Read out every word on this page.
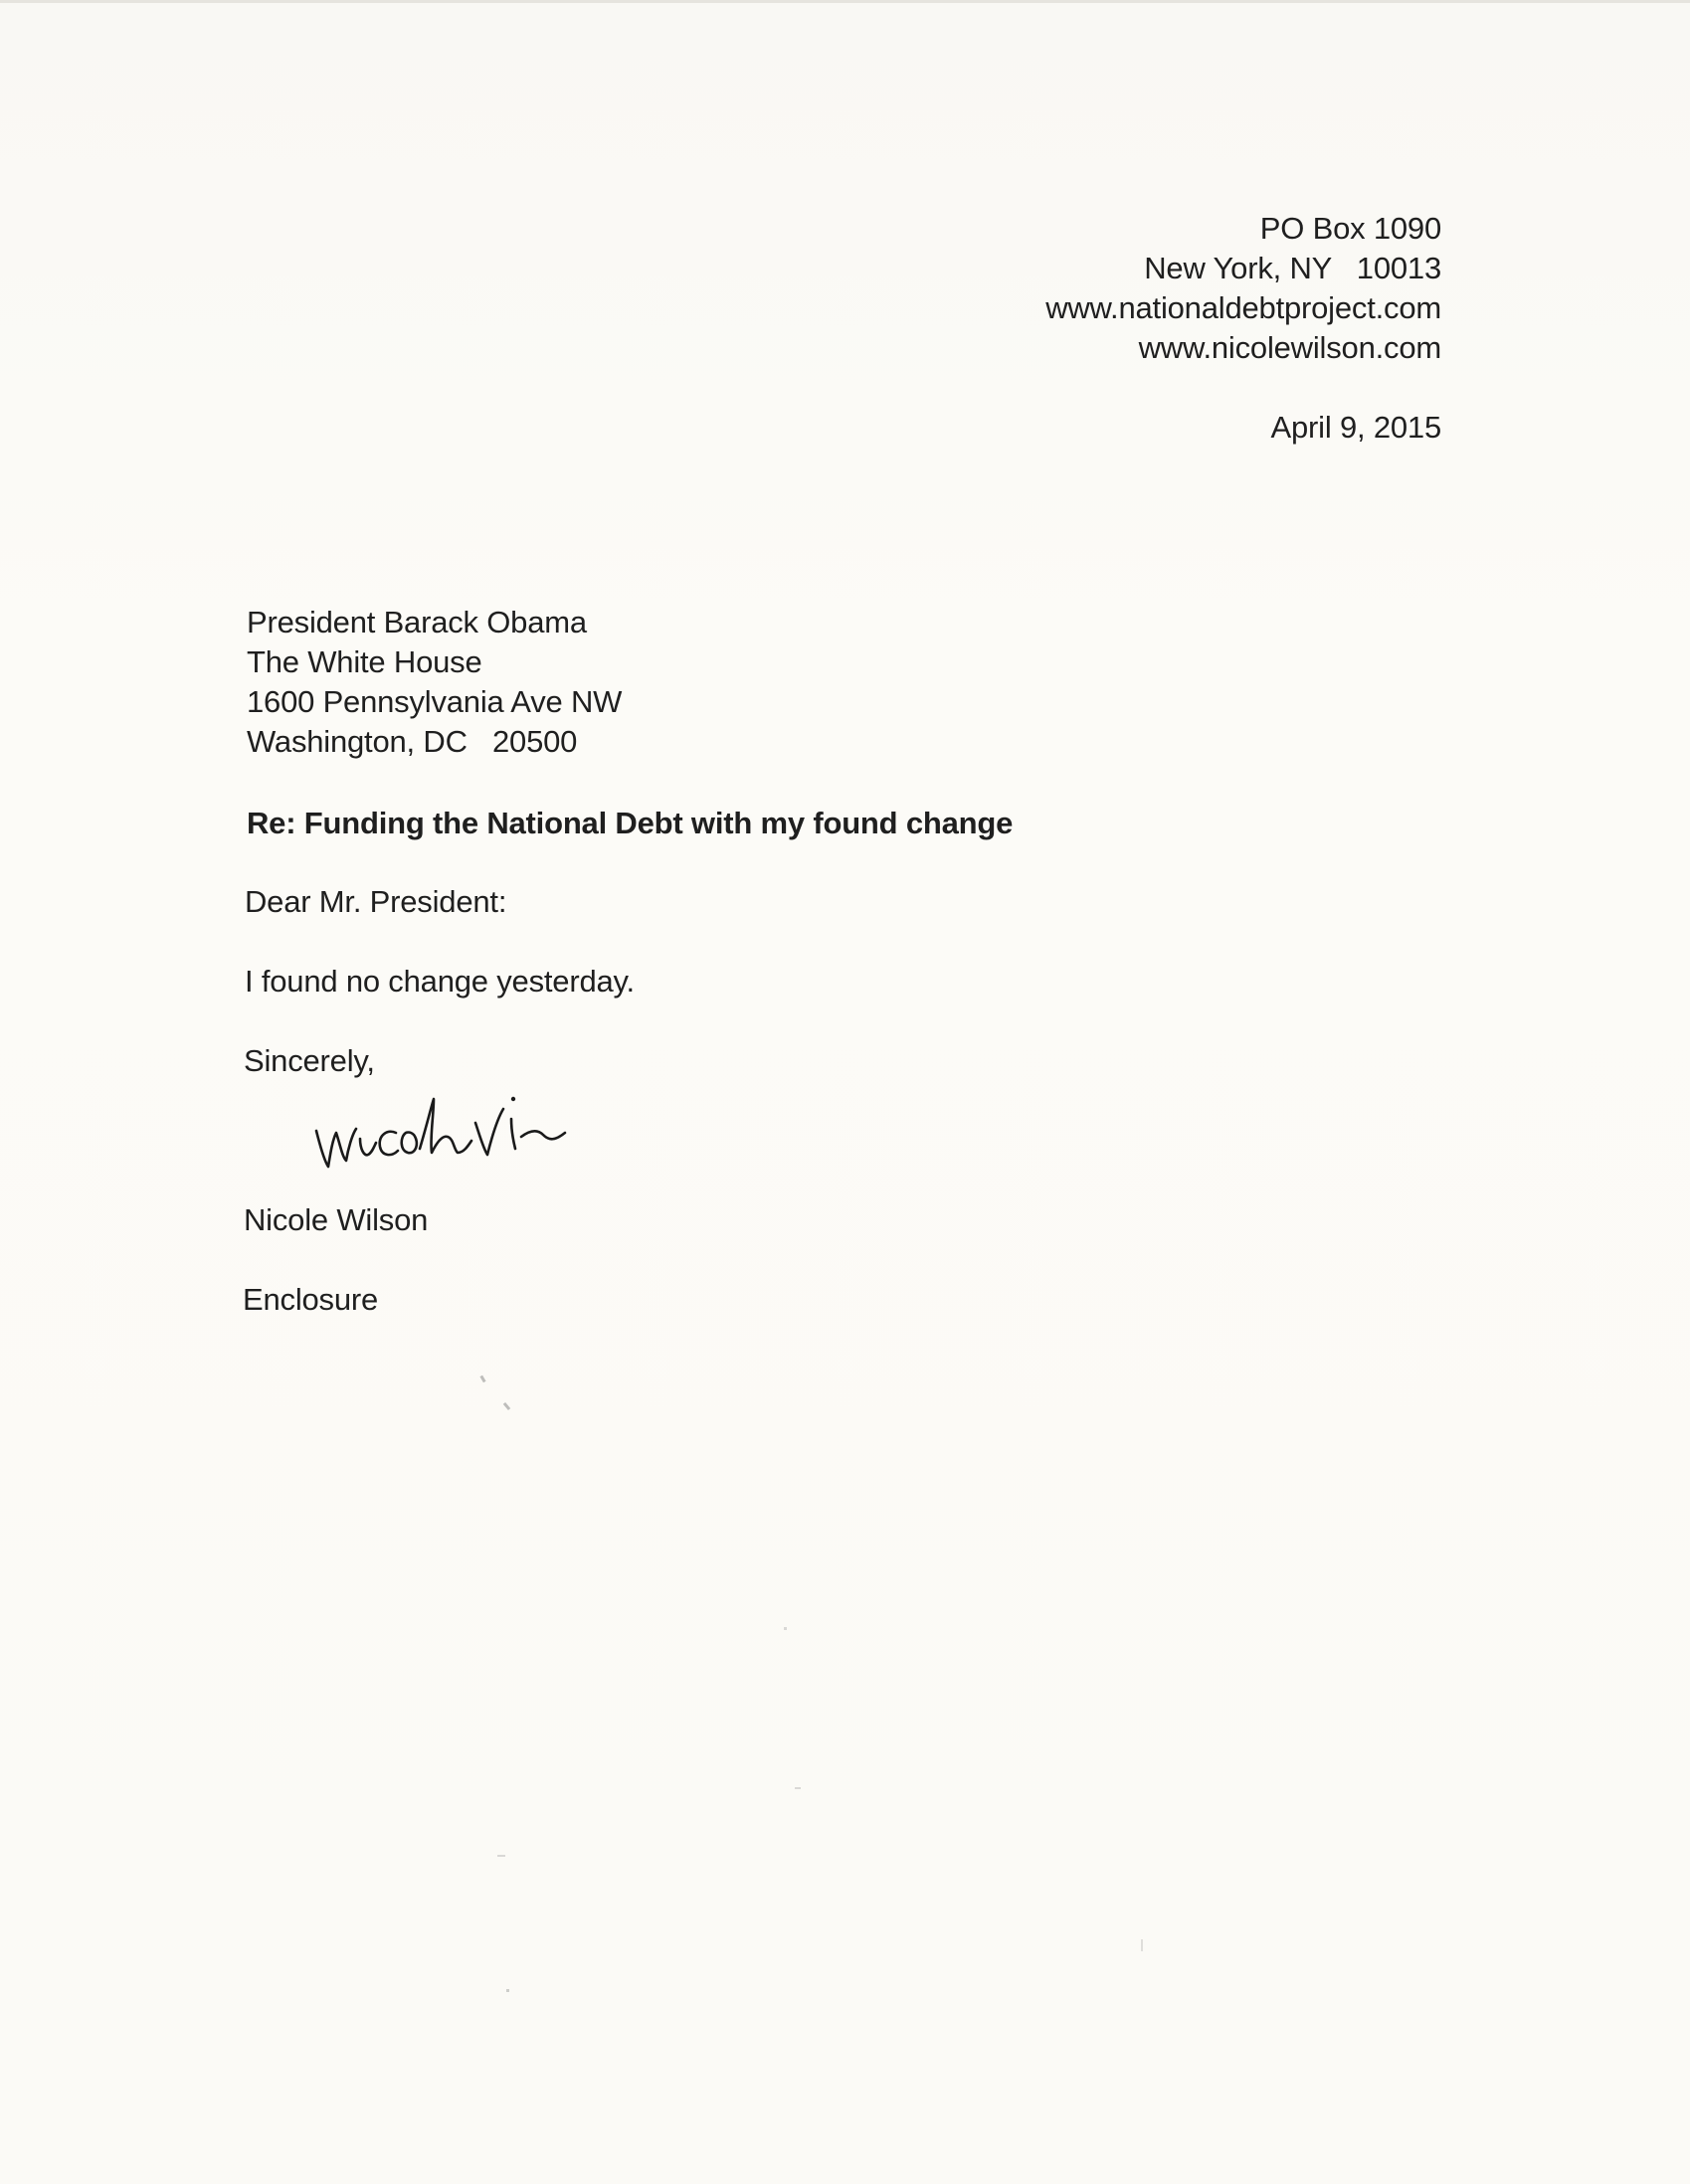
PO Box 1090
New York, NY   10013
www.nationaldebtproject.com
www.nicolewilson.com
April 9, 2015
President Barack Obama
The White House
1600 Pennsylvania Ave NW
Washington, DC   20500
Re: Funding the National Debt with my found change
Dear Mr. President:
I found no change yesterday.
Sincerely,
Nicole Wilson
Enclosure
